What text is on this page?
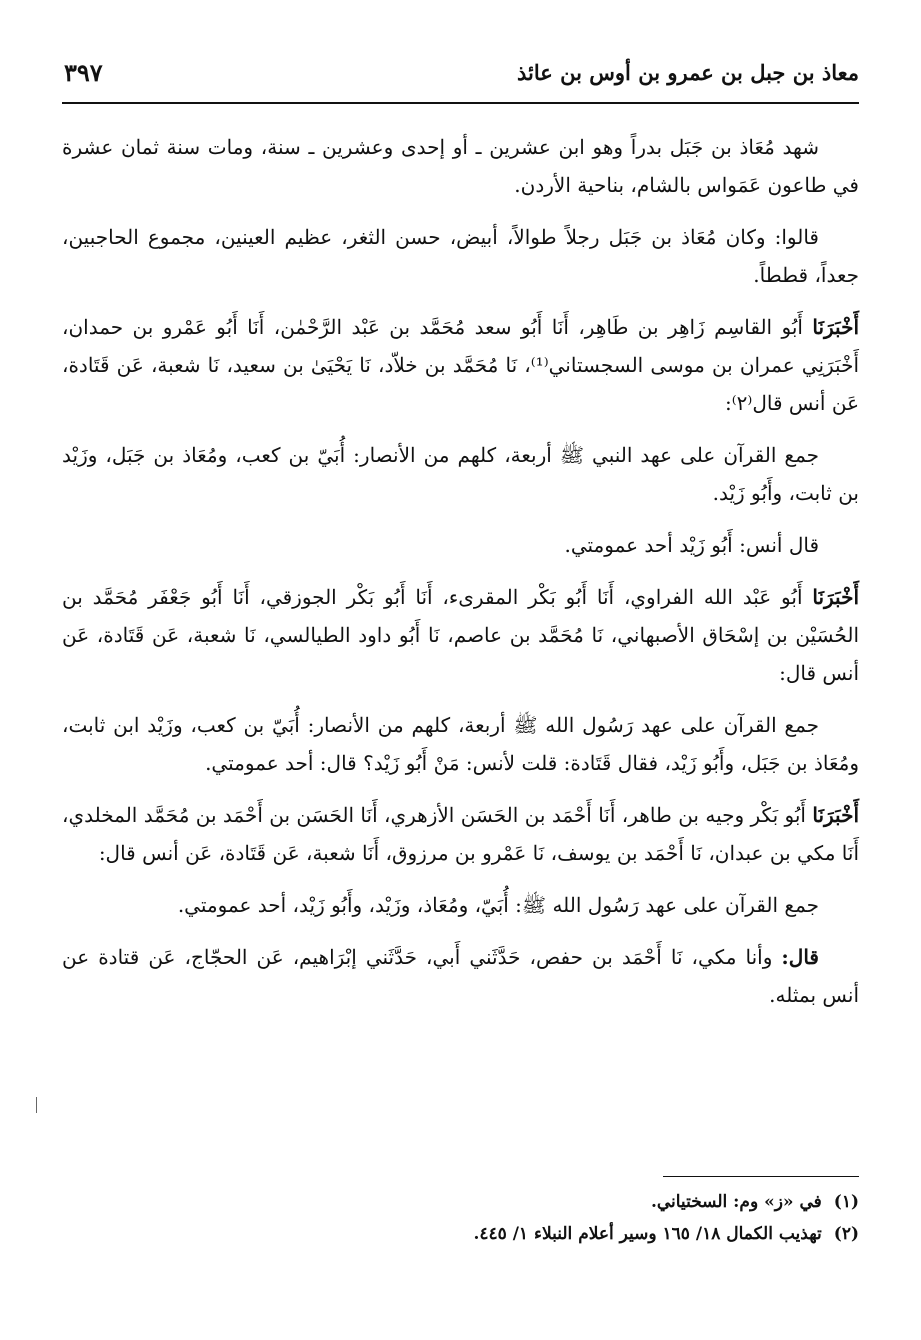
معاذ بن جبل بن عمرو بن أوس بن عائذ
٣٩٧

شهد مُعَاذ بن جَبَل بدراً وهو ابن عشرين ـ أو إحدى وعشرين ـ سنة، ومات سنة ثمان عشرة في طاعون عَمَواس بالشام، بناحية الأردن.

قالوا: وكان مُعَاذ بن جَبَل رجلاً طوالاً، أبيض، حسن الثغر، عظيم العينين، مجموع الحاجبين، جعداً، قططاً.

أَخْبَرَنَا أَبُو القاسِم زَاهِر بن طَاهِر، أَنَا أَبُو سعد مُحَمَّد بن عَبْد الرَّحْمٰن، أَنَا أَبُو عَمْرو بن حمدان، أَخْبَرَنِي عمران بن موسى السجستاني⁽¹⁾، نَا مُحَمَّد بن خلاّد، نَا يَحْيَىٰ بن سعيد، نَا شعبة، عَن قَتَادة، عَن أنس قال⁽٢⁾:

جمع القرآن على عهد النبي ﷺ أربعة، كلهم من الأنصار: أُبَيّ بن كعب، ومُعَاذ بن جَبَل، وزَيْد بن ثابت، وأَبُو زَيْد.

قال أنس: أَبُو زَيْد أحد عمومتي.

أَخْبَرَنَا أَبُو عَبْد الله الفراوي، أَنَا أَبُو بَكْر المقرىء، أَنَا أَبُو بَكْر الجوزقي، أَنَا أَبُو جَعْفَر مُحَمَّد بن الحُسَيْن بن إسْحَاق الأصبهاني، نَا مُحَمَّد بن عاصم، نَا أَبُو داود الطيالسي، نَا شعبة، عَن قَتَادة، عَن أنس قال:

جمع القرآن على عهد رَسُول الله ﷺ أربعة، كلهم من الأنصار: أُبَيّ بن كعب، وزَيْد ابن ثابت، ومُعَاذ بن جَبَل، وأَبُو زَيْد، فقال قَتَادة: قلت لأنس: مَنْ أَبُو زَيْد؟ قال: أحد عمومتي.

أَخْبَرَنَا أَبُو بَكْر وجيه بن طاهر، أَنَا أَحْمَد بن الحَسَن الأزهري، أَنَا الحَسَن بن أَحْمَد بن مُحَمَّد المخلدي، أَنَا مكي بن عبدان، نَا أَحْمَد بن يوسف، نَا عَمْرو بن مرزوق، أَنَا شعبة، عَن قَتَادة، عَن أنس قال:

جمع القرآن على عهد رَسُول الله ﷺ: أُبَيّ، ومُعَاذ، وزَيْد، وأَبُو زَيْد، أحد عمومتي.

قال: وأنا مكي، نَا أَحْمَد بن حفص، حَدَّثَني أَبي، حَدَّثَني إبْرَاهيم، عَن الحجّاج، عَن قتادة عن أنس بمثله.

(١)في «ز» وم: السختياني.

(٢)تهذيب الكمال ١٨/ ١٦٥ وسير أعلام النبلاء ١/ ٤٤٥.
